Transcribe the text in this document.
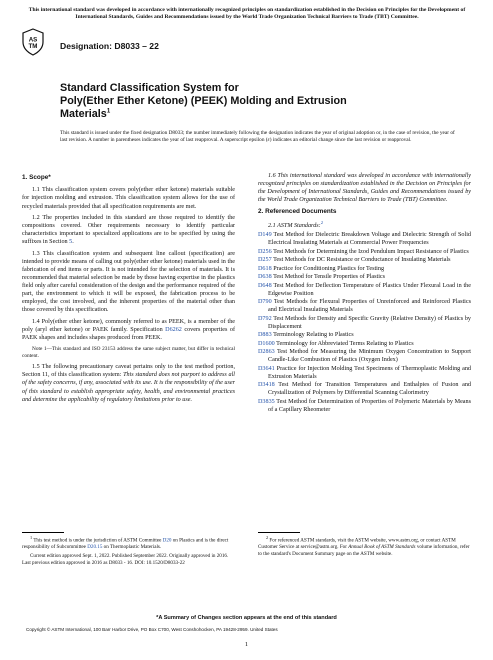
This international standard was developed in accordance with internationally recognized principles on standardization established in the Decision on Principles for the Development of International Standards, Guides and Recommendations issued by the World Trade Organization Technical Barriers to Trade (TBT) Committee.
AS
TM	Designation: D8033 – 22
Standard Classification System for
Poly(Ether Ether Ketone) (PEEK) Molding and Extrusion
Materials$^1$
This standard is issued under the fixed designation D8033; the number immediately following the designation indicates the year of original adoption or, in the case of revision, the year of last revision. A number in parentheses indicates the year of last reapproval. A superscript epsilon (ε) indicates an editorial change since the last revision or reapproval.
1. Scope*

1.1 This classification system covers poly(ether ether ketone) materials suitable for injection molding and extrusion. This classification system allows for the use of recycled materials provided that all specification requirements are met.

1.2 The properties included in this standard are those required to identify the compositions covered. Other requirements necessary to identify particular characteristics important to specialized applications are to be specified by using the suffixes in Section 5.

1.3 This classification system and subsequent line callout (specification) are intended to provide means of calling out poly(ether ether ketone) materials used in the fabrication of end items or parts. It is not intended for the selection of materials. It is recommended that material selection be made by those having expertise in the plastics field only after careful consideration of the design and the performance required of the part, the environment to which it will be exposed, the fabrication process to be employed, the cost involved, and the inherent properties of the material other than those covered by this specification.

1.4 Poly(ether ether ketone), commonly referred to as PEEK, is a member of the poly (aryl ether ketone) or PAEK family. Specification D6262 covers properties of PAEK shapes and includes shapes produced from PEEK.

Note 1—This standard and ISO 23153 address the same subject matter, but differ in technical content.

1.5 The following precautionary caveat pertains only to the test method portion, Section 11, of this classification system: This standard does not purport to address all of the safety concerns, if any, associated with its use. It is the responsibility of the user of this standard to establish appropriate safety, health, and environmental practices and determine the applicability of regulatory limitations prior to use.

1.6 This international standard was developed in accordance with internationally recognized principles on standardization established in the Decision on Principles for the Development of International Standards, Guides and Recommendations issued by the World Trade Organization Technical Barriers to Trade (TBT) Committee.

2. Referenced Documents
2.1 ASTM Standards:$^2$
D149 Test Method for Dielectric Breakdown Voltage and Dielectric Strength of Solid Electrical Insulating Materials at Commercial Power Frequencies
D256 Test Methods for Determining the Izod Pendulum Impact Resistance of Plastics
D257 Test Methods for DC Resistance or Conductance of Insulating Materials
D618 Practice for Conditioning Plastics for Testing
D638 Test Method for Tensile Properties of Plastics
D648 Test Method for Deflection Temperature of Plastics Under Flexural Load in the Edgewise Position
D790 Test Methods for Flexural Properties of Unreinforced and Reinforced Plastics and Electrical Insulating Materials
D792 Test Methods for Density and Specific Gravity (Relative Density) of Plastics by Displacement
D883 Terminology Relating to Plastics
D1600 Terminology for Abbreviated Terms Relating to Plastics
D2863 Test Method for Measuring the Minimum Oxygen Concentration to Support Candle-Like Combustion of Plastics (Oxygen Index)
D3641 Practice for Injection Molding Test Specimens of Thermoplastic Molding and Extrusion Materials
D3418 Test Method for Transition Temperatures and Enthalpies of Fusion and Crystallization of Polymers by Differential Scanning Calorimetry
D3835 Test Method for Determination of Properties of Polymeric Materials by Means of a Capillary Rheometer

$^1$ This test method is under the jurisdiction of ASTM Committee D20 on Plastics and is the direct responsibility of Subcommittee D20.15 on Thermoplastic Materials.

Current edition approved Sept. 1, 2022. Published September 2022. Originally approved in 2016. Last previous edition approved in 2016 as D8033 - 16. DOI: 10.1520/D8033-22

$^2$ For referenced ASTM standards, visit the ASTM website, www.astm.org, or contact ASTM Customer Service at service@astm.org. For Annual Book of ASTM Standards volume information, refer to the standard's Document Summary page on the ASTM website.

*A Summary of Changes section appears at the end of this standard
Copyright © ASTM International, 100 Barr Harbor Drive, PO Box C700, West Conshohocken, PA 19428-2959. United States
1
